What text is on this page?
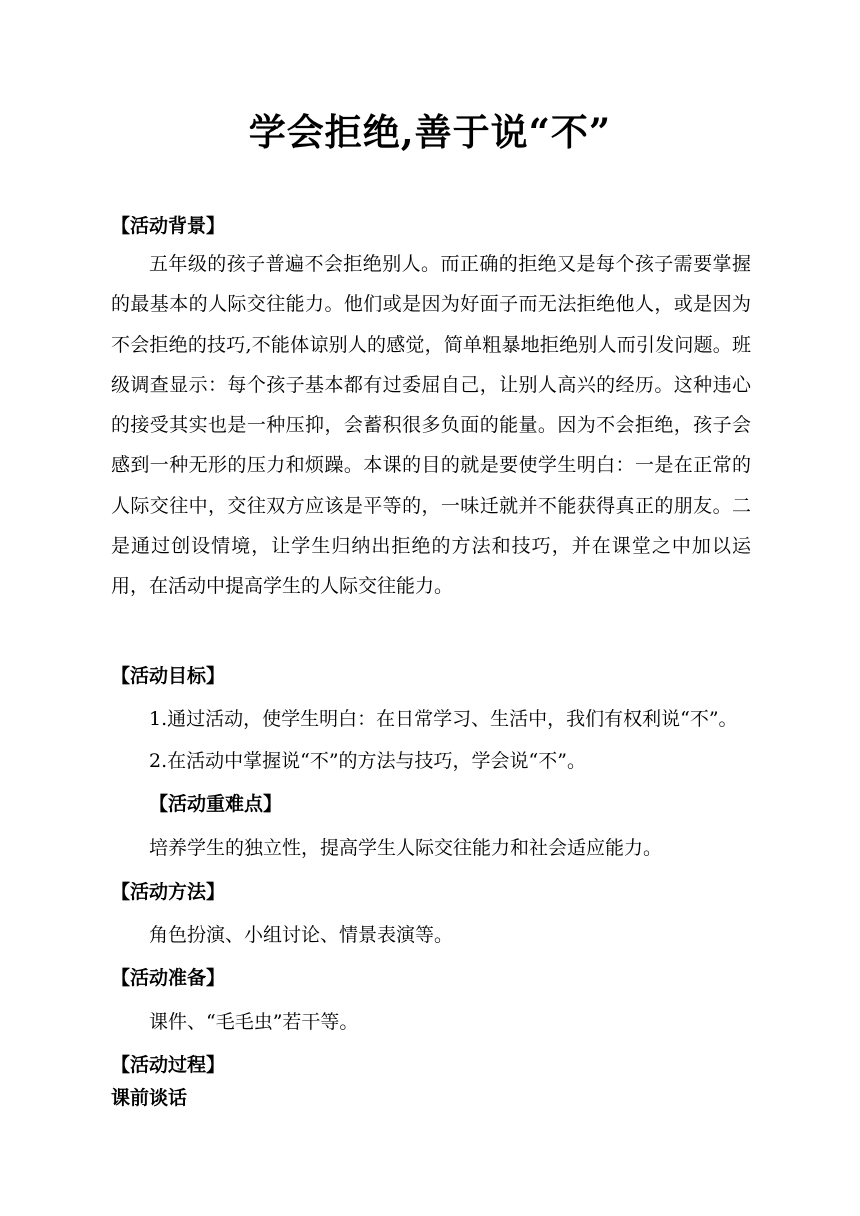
学会拒绝,善于说“不”
【活动背景】
五年级的孩子普遍不会拒绝别人。而正确的拒绝又是每个孩子需要掌握的最基本的人际交往能力。他们或是因为好面子而无法拒绝他人，或是因为不会拒绝的技巧,不能体谅别人的感觉，简单粗暴地拒绝别人而引发问题。班级调查显示：每个孩子基本都有过委屈自己，让别人高兴的经历。这种违心的接受其实也是一种压抑，会蓄积很多负面的能量。因为不会拒绝，孩子会感到一种无形的压力和烦躁。本课的目的就是要使学生明白：一是在正常的人际交往中，交往双方应该是平等的，一味迁就并不能获得真正的朋友。二是通过创设情境，让学生归纳出拒绝的方法和技巧，并在课堂之中加以运用，在活动中提高学生的人际交往能力。
【活动目标】
1.通过活动，使学生明白：在日常学习、生活中，我们有权利说“不”。
2.在活动中掌握说“不”的方法与技巧，学会说“不”。
【活动重难点】
培养学生的独立性，提高学生人际交往能力和社会适应能力。
【活动方法】
角色扮演、小组讨论、情景表演等。
【活动准备】
课件、“毛毛虫”若干等。
【活动过程】
课前谈话
